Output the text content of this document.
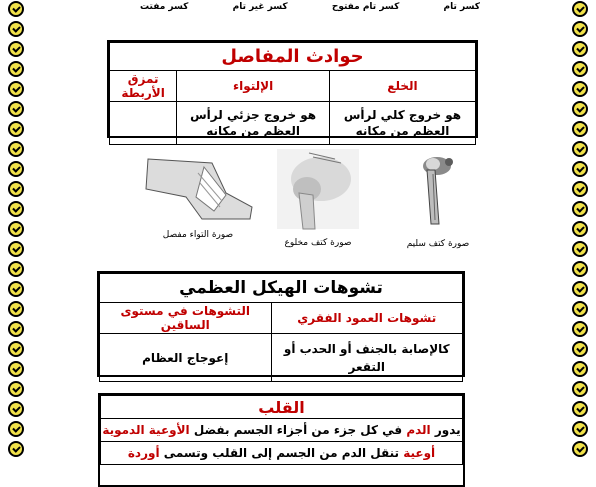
كسر تام
كسر تام مفتوح
كسر غير تام
كسر مفتت
حوادث المفاصل		
الخلع	الإلتواء	تمزق الأربطة
هو خروج كلي لرأس العظم من مكانه	هو خروج جزئي لرأس العظم من مكانه	
صورة كتف سليم
صورة كتف مخلوع
صورة التواء مفصل
تشوهات الهيكل العظمي	
تشوهات العمود الفقري	التشوهات في مستوى الساقين
كالإصابة بالجنف أو الحدب أو التقعر	إعوجاج العظام
القلب
يدور الدم في كل جزء من أجزاء الجسم بفضل الأوعية الدموية
أوعية تنقل الدم من الجسم إلى القلب وتسمى أوردة
